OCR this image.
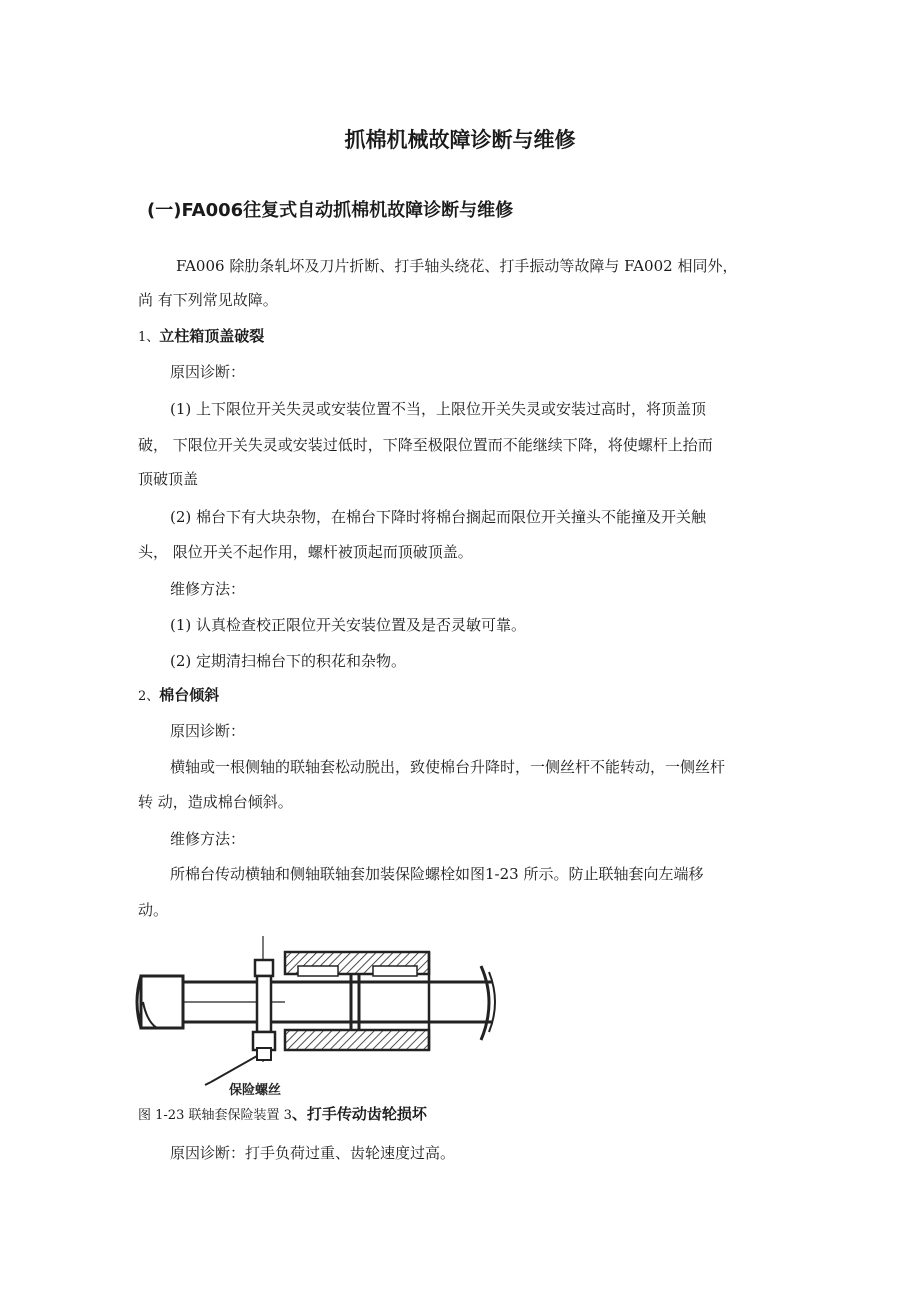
抓棉机械故障诊断与维修
(一)FA006往复式自动抓棉机故障诊断与维修
FA006 除肋条轧坏及刀片折断、打手轴头绕花、打手振动等故障与 FA002 相同外，
尚 有下列常见故障。
1、立柱箱顶盖破裂
原因诊断：
(1) 上下限位开关失灵或安装位置不当，上限位开关失灵或安装过高时，将顶盖顶
破， 下限位开关失灵或安装过低时，下降至极限位置而不能继续下降，将使螺杆上抬而
顶破顶盖
(2) 棉台下有大块杂物，在棉台下降时将棉台搁起而限位开关撞头不能撞及开关触
头， 限位开关不起作用，螺杆被顶起而顶破顶盖。
维修方法：
(1) 认真检查校正限位开关安装位置及是否灵敏可靠。
(2) 定期清扫棉台下的积花和杂物。
2、棉台倾斜
原因诊断：
横轴或一根侧轴的联轴套松动脱出，致使棉台升降时，一侧丝杆不能转动，一侧丝杆
转 动，造成棉台倾斜。
维修方法：
所棉台传动横轴和侧轴联轴套加装保险螺栓如图1-23 所示。防止联轴套向左端移
动。
保险螺丝
图 1-23 联轴套保险装置 3、打手传动齿轮损坏
原因诊断：打手负荷过重、齿轮速度过高。
